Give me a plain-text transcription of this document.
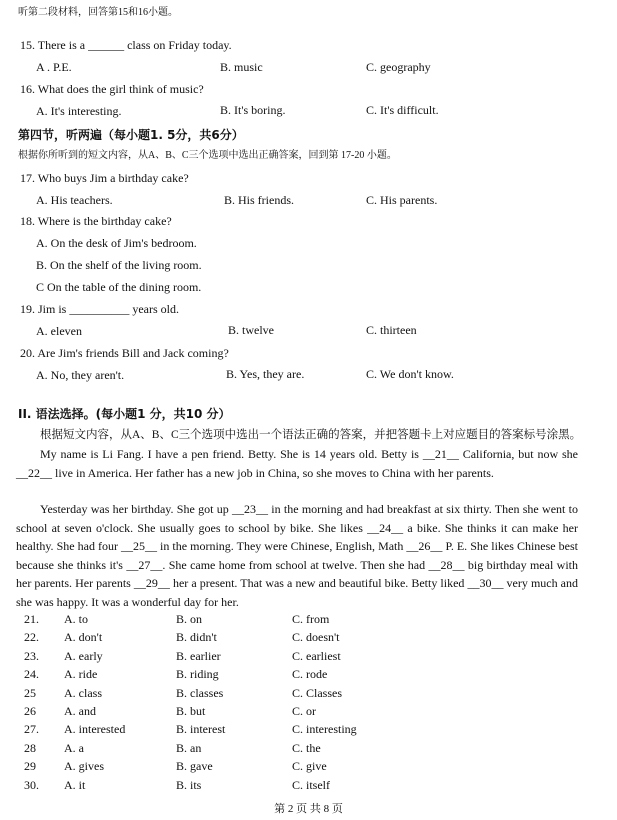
听第二段材料，回答第15和16小题。
15. There is a ______ class on Friday today.
A . P.E.	B. music	C. geography
16. What does the girl think of music?
A. It's interesting.	B. It's boring.	C. It's difficult.
第四节，听两遍（每小题1. 5分，共6分）
根据你所听到的短文内容，从A、B、C三个选项中选出正确答案，回到第 17-20 小题。
17. Who buys Jim a birthday cake?
A. His teachers.	B. His friends.	C. His parents.
18. Where is the birthday cake?
A. On the desk of Jim's bedroom.
B. On the shelf of the living room.
C On the table of the dining room.
19. Jim is __________ years old.
A. eleven	B. twelve	C. thirteen
20. Are Jim's friends Bill and Jack coming?
A. No, they aren't.	B. Yes, they are.	C. We don't know.
II. 语法选择。(每小题1 分，共10 分）
根据短文内容，从A、B、C三个选项中选出一个语法正确的答案，并把答题卡上对应题目的答案标号涂黑。
My name is Li Fang. I have a pen friend. Betty. She is 14 years old. Betty is __21__ California, but now she __22__ live in America. Her father has a new job in China, so she moves to China with her parents.
Yesterday was her birthday. She got up __23__ in the morning and had breakfast at six thirty. Then she went to school at seven o'clock. She usually goes to school by bike. She likes __24__ a bike. She thinks it can make her healthy. She had four __25__ in the morning. They were Chinese, English, Math __26__ P. E. She likes Chinese best because she thinks it's __27__. She came home from school at twelve. Then she had __28__ big birthday meal with her parents. Her parents __29__ her a present. That was a new and beautiful bike. Betty liked __30__ very much and she was happy. It was a wonderful day for her.
21. A. to	B. on	C. from
22. A. don't	B. didn't	C. doesn't
23. A. early	B. earlier	C. earliest
24. A. ride	B. riding	C. rode
25 A. class	B. classes	C. Classes
26 A. and	B. but	C. or
27. A. interested	B. interest	C. interesting
28 A. a	B. an	C. the
29 A. gives	B. gave	C. give
30. A. it	B. its	C. itself
第 2 页 共 8 页
